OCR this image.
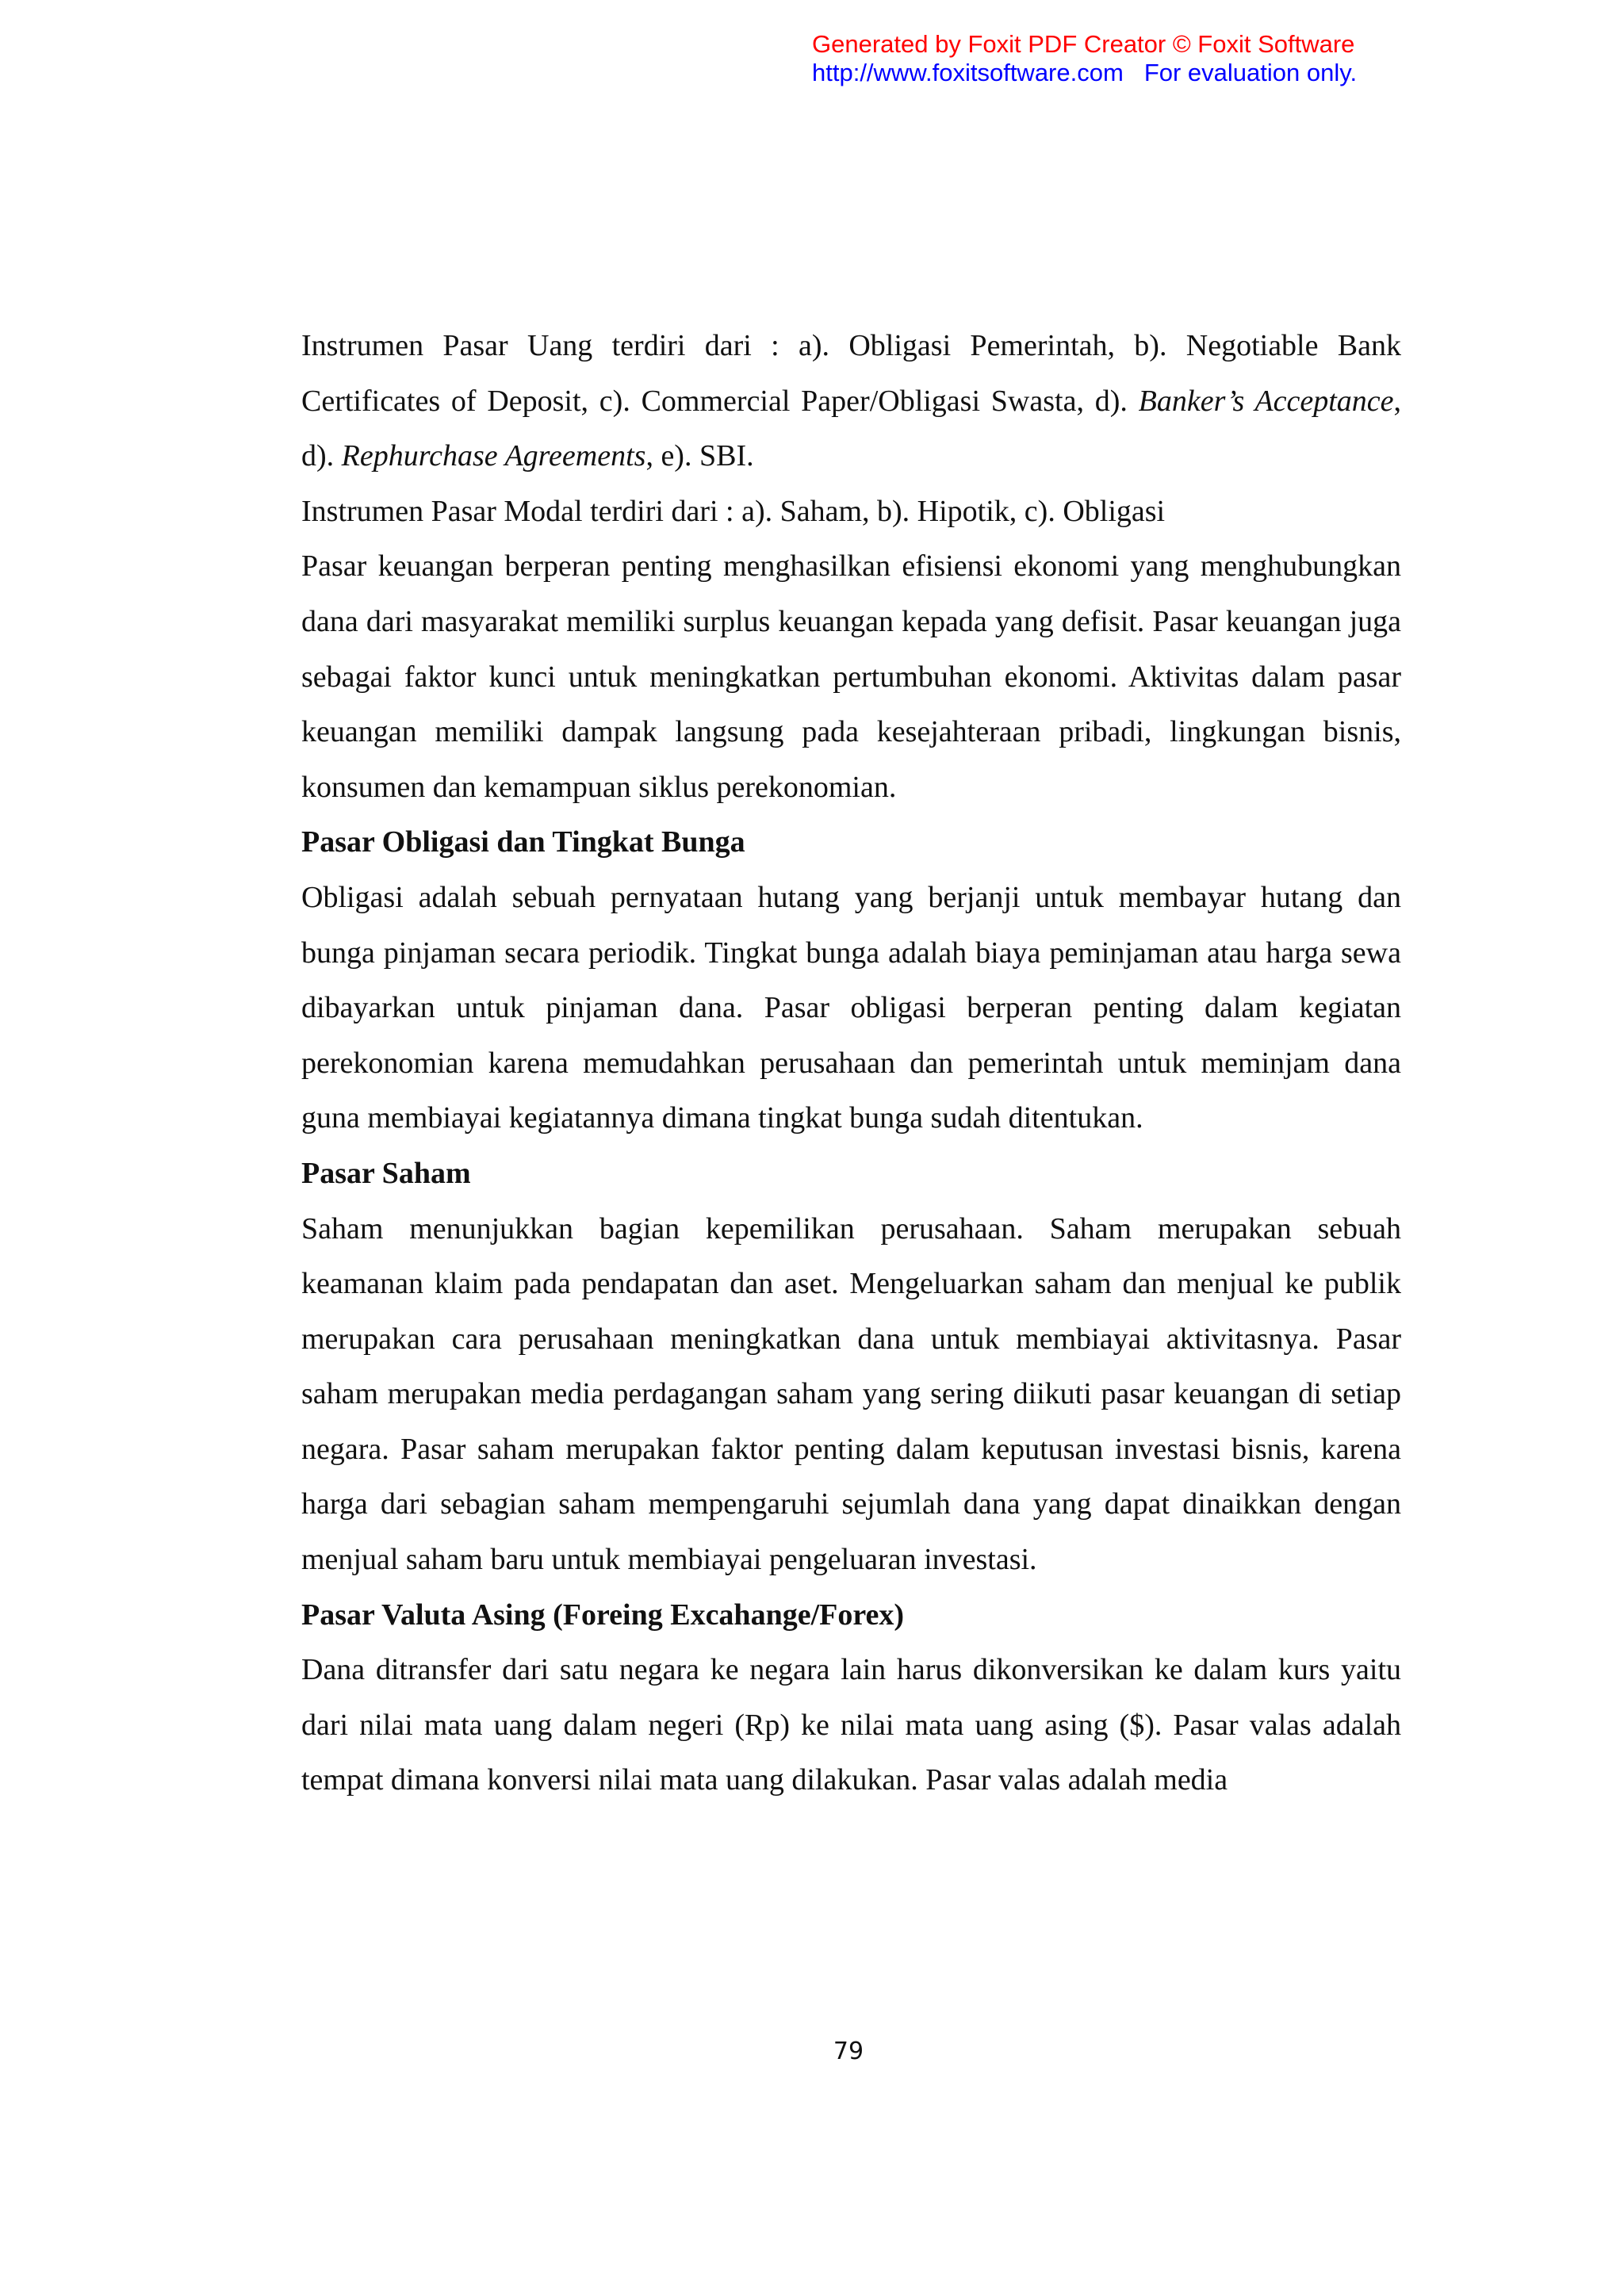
Generated by Foxit PDF Creator © Foxit Software
http://www.foxitsoftware.com For evaluation only.

Instrumen Pasar Uang terdiri dari : a). Obligasi Pemerintah, b). Negotiable Bank Certificates of Deposit, c). Commercial Paper/Obligasi Swasta, d). Banker’s Acceptance, d). Rephurchase Agreements, e). SBI.

Instrumen Pasar Modal terdiri dari : a). Saham, b). Hipotik, c). Obligasi

Pasar keuangan berperan penting menghasilkan efisiensi ekonomi yang menghubungkan dana dari masyarakat memiliki surplus keuangan kepada yang defisit. Pasar keuangan juga sebagai faktor kunci untuk meningkatkan pertumbuhan ekonomi. Aktivitas dalam pasar keuangan memiliki dampak langsung pada kesejahteraan pribadi, lingkungan bisnis, konsumen dan kemampuan siklus perekonomian.

Pasar Obligasi dan Tingkat Bunga

Obligasi adalah sebuah pernyataan hutang yang berjanji untuk membayar hutang dan bunga pinjaman secara periodik. Tingkat bunga adalah biaya peminjaman atau harga sewa dibayarkan untuk pinjaman dana. Pasar obligasi berperan penting dalam kegiatan perekonomian karena memudahkan perusahaan dan pemerintah untuk meminjam dana guna membiayai kegiatannya dimana tingkat bunga sudah ditentukan.

Pasar Saham

Saham menunjukkan bagian kepemilikan perusahaan. Saham merupakan sebuah keamanan klaim pada pendapatan dan aset. Mengeluarkan saham dan menjual ke publik merupakan cara perusahaan meningkatkan dana untuk membiayai aktivitasnya. Pasar saham merupakan media perdagangan saham yang sering diikuti pasar keuangan di setiap negara. Pasar saham merupakan faktor penting dalam keputusan investasi bisnis, karena harga dari sebagian saham mempengaruhi sejumlah dana yang dapat dinaikkan dengan menjual saham baru untuk membiayai pengeluaran investasi.

Pasar Valuta Asing (Foreing Excahange/Forex)

Dana ditransfer dari satu negara ke negara lain harus dikonversikan ke dalam kurs yaitu dari nilai mata uang dalam negeri (Rp) ke nilai mata uang asing ($). Pasar valas adalah tempat dimana konversi nilai mata uang dilakukan. Pasar valas adalah media

79
